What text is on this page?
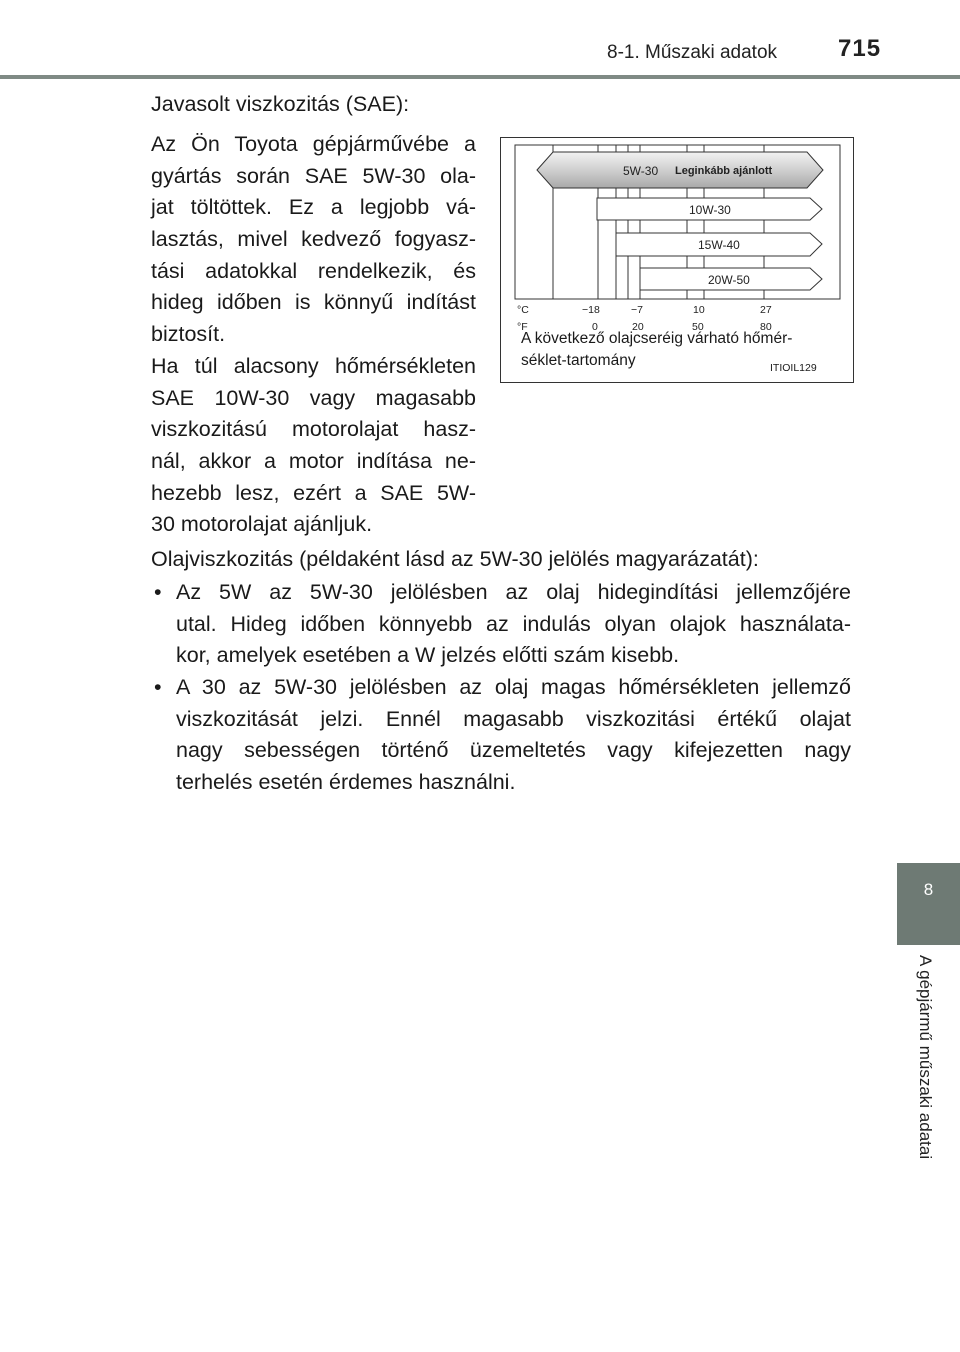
8-1. Műszaki adatok	715
8
A gépjármű műszaki adatai
Javasolt viszkozitás (SAE):
Az Ön Toyota gépjárművébe a
gyártás során SAE 5W-30 ola-
jat töltöttek. Ez a legjobb vá-
lasztás, mivel kedvező fogyasz-
tási adatokkal rendelkezik, és
hideg időben is könnyű indítást
biztosít.
Ha túl alacsony hőmérsékleten
SAE 10W-30 vagy magasabb
viszkozitású motorolajat hasz-
nál, akkor a motor indítása ne-
hezebb lesz, ezért a SAE 5W-
30 motorolajat ajánljuk.
5W-30 Leginkább ajánlott
10W-30
15W-40
20W-50
°C	−18	−7	10	27
°F	0	20	50	80
A következő olajcseréig várható hőmér-
séklet-tartomány	ITIOIL129
Olajviszkozitás (példaként lásd az 5W-30 jelölés magyarázatát):
• Az 5W az 5W-30 jelölésben az olaj hidegindítási jellemzőjére
utal. Hideg időben könnyebb az indulás olyan olajok használata-
kor, amelyek esetében a W jelzés előtti szám kisebb.
• A 30 az 5W-30 jelölésben az olaj magas hőmérsékleten jellemző
viszkozitását jelzi. Ennél magasabb viszkozitási értékű olajat
nagy sebességen történő üzemeltetés vagy kifejezetten nagy
terhelés esetén érdemes használni.
